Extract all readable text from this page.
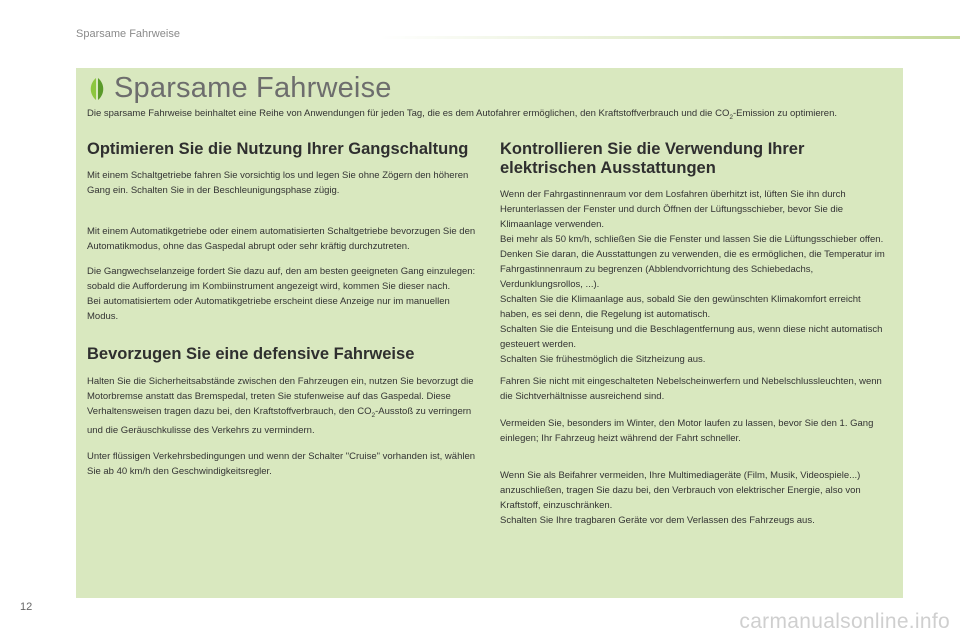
Sparsame Fahrweise
Sparsame Fahrweise

Die sparsame Fahrweise beinhaltet eine Reihe von Anwendungen für jeden Tag, die es dem Autofahrer ermöglichen, den Kraftstoffverbrauch und die $CO_2$-Emission zu optimieren.

Optimieren Sie die Nutzung Ihrer Gangschaltung

Mit einem Schaltgetriebe fahren Sie vorsichtig los und legen Sie ohne Zögern den höheren Gang ein. Schalten Sie in der Beschleunigungsphase zügig.

Mit einem Automatikgetriebe oder einem automatisierten Schaltgetriebe bevorzugen Sie den Automatikmodus, ohne das Gaspedal abrupt oder sehr kräftig durchzutreten.

Die Gangwechselanzeige fordert Sie dazu auf, den am besten geeigneten Gang einzulegen: sobald die Aufforderung im Kombiinstrument angezeigt wird, kommen Sie dieser nach.

Bei automatisiertem oder Automatikgetriebe erscheint diese Anzeige nur im manuellen Modus.

Bevorzugen Sie eine defensive Fahrweise

Halten Sie die Sicherheitsabstände zwischen den Fahrzeugen ein, nutzen Sie bevorzugt die Motorbremse anstatt das Bremspedal, treten Sie stufenweise auf das Gaspedal. Diese Verhaltensweisen tragen dazu bei, den Kraftstoffverbrauch, den $CO_2$-Ausstoß zu verringern und die Geräuschkulisse des Verkehrs zu vermindern.

Unter flüssigen Verkehrsbedingungen und wenn der Schalter "Cruise" vorhanden ist, wählen Sie ab 40 km/h den Geschwindigkeitsregler.

Kontrollieren Sie die Verwendung Ihrer elektrischen Ausstattungen

Wenn der Fahrgastinnenraum vor dem Losfahren überhitzt ist, lüften Sie ihn durch Herunterlassen der Fenster und durch Öffnen der Lüftungsschieber, bevor Sie die Klimaanlage verwenden.

Bei mehr als 50 km/h, schließen Sie die Fenster und lassen Sie die Lüftungsschieber offen.

Denken Sie daran, die Ausstattungen zu verwenden, die es ermöglichen, die Temperatur im Fahrgastinnenraum zu begrenzen (Abblendvorrichtung des Schiebedachs, Verdunklungsrollos, ...).

Schalten Sie die Klimaanlage aus, sobald Sie den gewünschten Klimakomfort erreicht haben, es sei denn, die Regelung ist automatisch.

Schalten Sie die Enteisung und die Beschlagentfernung aus, wenn diese nicht automatisch gesteuert werden.

Schalten Sie frühestmöglich die Sitzheizung aus.

Fahren Sie nicht mit eingeschalteten Nebelscheinwerfern und Nebelschlussleuchten, wenn die Sichtverhältnisse ausreichend sind.

Vermeiden Sie, besonders im Winter, den Motor laufen zu lassen, bevor Sie den 1. Gang einlegen; Ihr Fahrzeug heizt während der Fahrt schneller.

Wenn Sie als Beifahrer vermeiden, Ihre Multimediageräte (Film, Musik, Videospiele...) anzuschließen, tragen Sie dazu bei, den Verbrauch von elektrischer Energie, also von Kraftstoff, einzuschränken.

Schalten Sie Ihre tragbaren Geräte vor dem Verlassen des Fahrzeugs aus.

12
carmanualsonline.info
